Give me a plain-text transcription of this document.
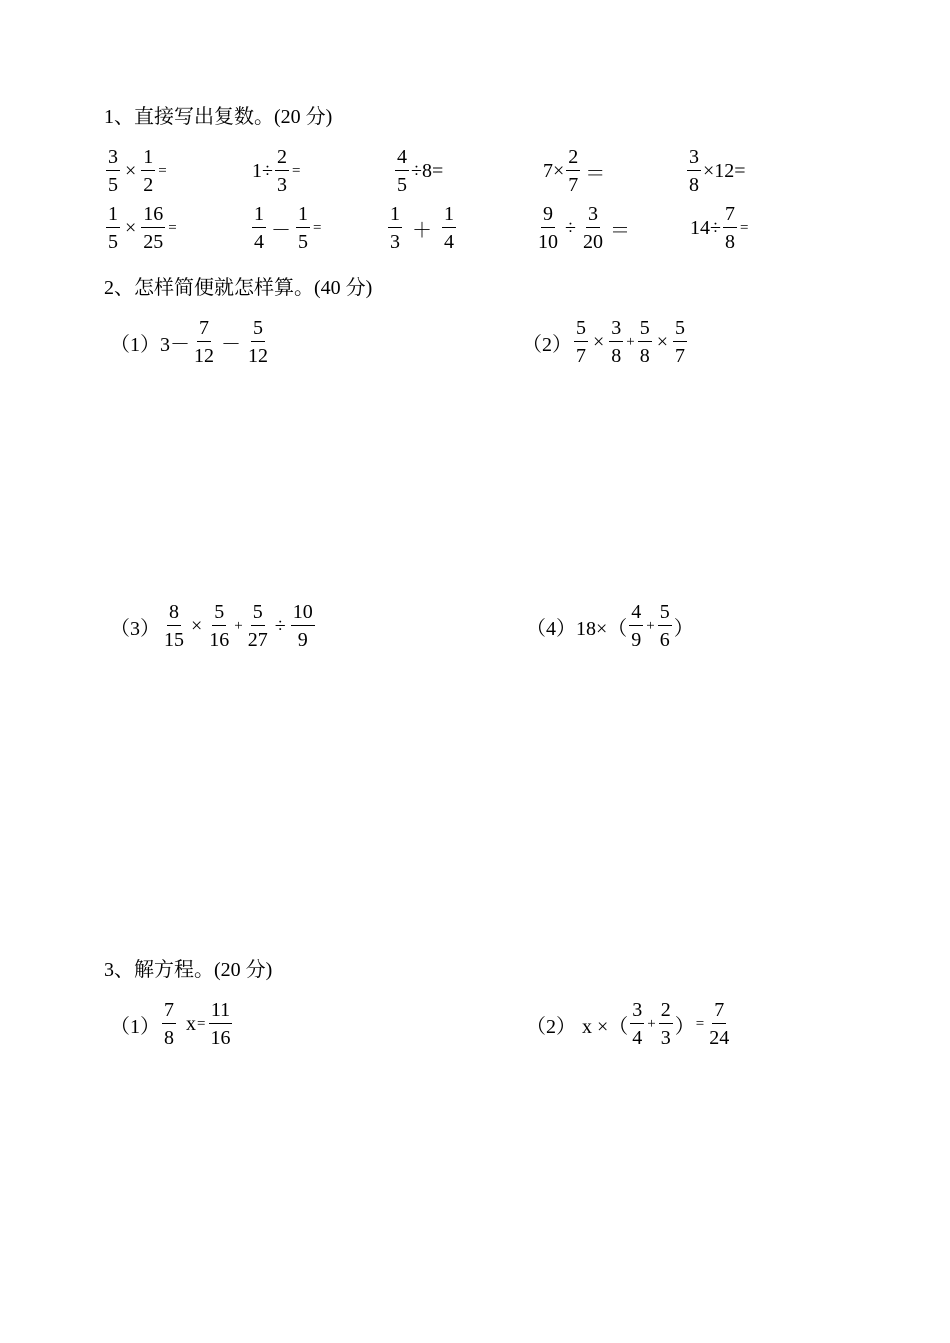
1、直接写出复数。(20 分)
$\frac{3}{5} \times \frac{1}{2}$ =	$1\div \frac{2}{3}$ =	$\frac{4}{5} \div 8=$	$7\times \frac{2}{7}$ ＝	$\frac{3}{8} \times 12=$
$\frac{1}{5} \times \frac{16}{25}$ =	$\frac{1}{4} - \frac{1}{5}$ =	$\frac{1}{3} + \frac{1}{4}$	$\frac{9}{10} \div \frac{3}{20}$ ＝	$14\div \frac{7}{8}$ =
2、怎样简便就怎样算。(40 分)
（1） $3- \frac{7}{12} - \frac{5}{12}$	$(2) \frac{5}{7} \times \frac{3}{8} + \frac{5}{8} \times \frac{5}{7}$
$(3) \frac{8}{15} \times \frac{5}{16} + \frac{5}{27} \div \frac{10}{9}$	（4） $18\times( \frac{4}{9} + \frac{5}{6}$ ）
3、解方程。(20 分)
$(1) \frac{7}{8}$ $x = \frac{11}{16}$	（2） x ×（ $\frac{3}{4} + \frac{2}{3}$ ） = $\frac{7}{24}$
